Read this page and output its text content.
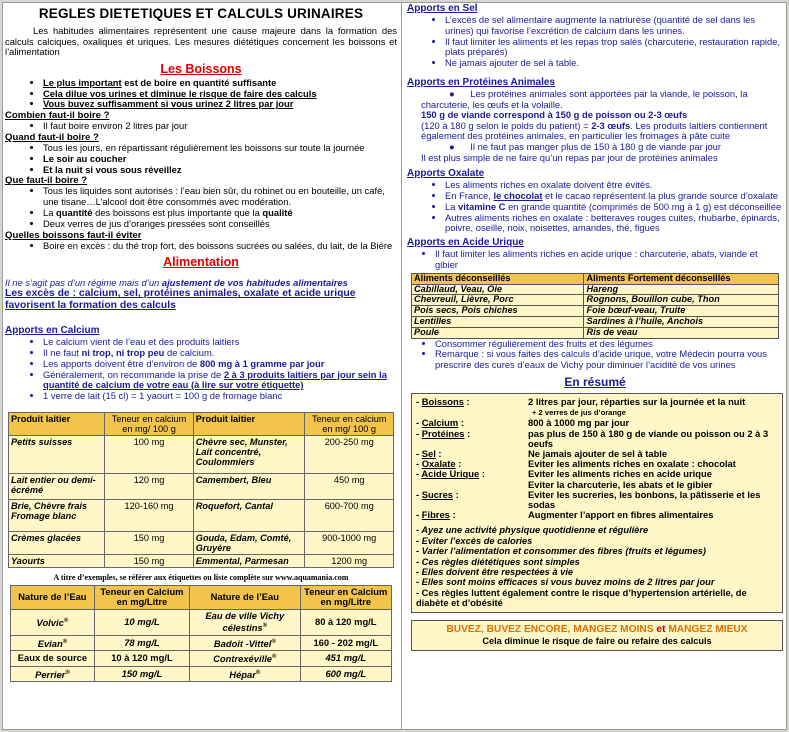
REGLES DIETETIQUES ET CALCULS URINAIRES

Les habitudes alimentaires représentent une cause majeure dans la formation des calculs calciques, oxaliques et uriques. Les mesures diététiques concernent les boissons et l’alimentation

Les Boissons
• Le plus important est de boire en quantité suffisante
• Cela dilue vos urines et diminue le risque de faire des calculs
• Vous buvez suffisamment si vous urinez 2 litres par jour
Combien faut-il boire ?
• Il faut boire environ 2 litres par jour
Quand faut-il boire ?
• Tous les jours, en répartissant régulièrement les boissons sur toute la journée
• Le soir au coucher
• Et la nuit si vous sous réveillez
Que faut-il boire ?
• Tous les liquides sont autorisés : l’eau bien sûr, du robinet ou en bouteille, un café, une tisane…L’alcool doit être consommés avec modération.
• La quantité des boissons est plus importante que la qualité
• Deux verres de jus d’oranges pressées sont conseillés
Quelles boissons faut-il éviter
• Boire en excès : du thé trop fort, des boissons sucrées ou salées, du lait, de la Bière
Alimentation

Il ne s’agit pas d’un régime mais d’un ajustement de vos habitudes alimentaires

Les excès de : calcium, sel, protéines animales, oxalate et acide urique favorisent la formation des calculs

Apports en Calcium
• Le calcium vient de l’eau et des produits laitiers
• Il ne faut ni trop, ni trop peu de calcium.
• Les apports doivent être d’environ de 800 mg à 1 gramme par jour
• Généralement, on recommande la prise de 2 à 3 produits laitiers par jour sein la quantité de calcium de votre eau (à lire sur votre étiquette)
• 1 verre de lait (15 cl) = 1 yaourt = 100 g de fromage blanc
Produit laitier	Teneur en calcium en mg/ 100 g	Produit laitier	Teneur en calcium en mg/ 100 g
Petits suisses	100 mg	Chèvre sec, Munster, Lait concentré, Coulommiers	200-250 mg
Lait entier ou demi-écrémé	120 mg	Camembert, Bleu	450 mg
Brie, Chèvre frais Fromage blanc	120-160 mg	Roquefort, Cantal	600-700 mg
Crèmes glacées	150 mg	Gouda, Edam, Comté, Gruyère	900-1000 mg
Yaourts	150 mg	Emmental, Parmesan	1200 mg
A titre d’exemples, se référer aux étiquettes ou liste complète sur www.aquamania.com
Nature de l’Eau	Teneur en Calcium en mg/Litre	Nature de l’Eau	Teneur en Calcium en mg/Litre
Volvic®	10 mg/L	Eau de ville Vichy célestins®	80 à 120 mg/L
Evian®	78 mg/L	Badoit -Vittel®	160 - 202 mg/L
Eaux de source	10 à 120 mg/L	Contrexéville®	451 mg/L
Perrier®	150 mg/L	Hépar®	600 mg/L
Apports en Sel
• L’excès de sel alimentaire augmente la natriurèse (quantité de sel dans les urines) qui favorise l’excrétion de calcium dans les urines.
• Il faut limiter les aliments et les repas trop salés (charcuterie, restauration rapide, plats préparés)
• Ne jamais ajouter de sel à table.
Apports en Protéines Animales

●      Les protéines animales sont apportées par la viande, le poisson, la charcuterie, les œufs et la volaille.

150 g de viande correspond à 150 g de poisson ou 2-3 œufs

(120 à 180 g selon le poids du patient) = 2-3 œufs. Les produits laitiers contiennent également des protéines animales, en particulier les fromages à pâte cuite

●      Il ne faut pas manger plus de 150 à 180 g de viande par jour

Il est plus simple de ne faire qu’un repas par jour de protéines animales

Apports Oxalate
• Les aliments riches en oxalate doivent être évités.
• En France, le chocolat et le cacao représentent la plus grande source d’oxalate
• La vitamine C en grande quantité (comprimés de 500 mg à 1 g) est déconseillée
• Autres aliments riches en oxalate : betteraves rouges cuites, rhubarbe, épinards, poivre, oseille, noix, noisettes, amandes, thé, figues
Apports en Acide Urique
• Il faut limiter les aliments riches en acide urique : charcuterie, abats, viande et gibier
Aliments déconseillés	Aliments Fortement déconseillés
Cabillaud, Veau, Oie	Hareng
Chevreuil, Lièvre, Porc	Rognons, Bouillon cube, Thon
Pois secs, Pois chiches	Foie bœuf-veau, Truite
Lentilles	Sardines à l’huile, Anchois
Poule	Ris de veau
• Consommer régulièrement des fruits et des légumes
• Remarque : si vous faites des calculs d’acide urique, votre Médecin pourra vous prescrire des cures d’eaux de Vichy pour diminuer l’acidité de vos urines
En résumé
- Boissons :	2 litres par jour, réparties sur la journée et la nuit
+ 2 verres de jus d’orange
- Calcium :	800 à 1000 mg par jour
- Protéines :	pas plus de 150 à 180 g de viande ou poisson ou 2 à 3 oeufs
- Sel :	Ne jamais ajouter de sel à table
- Oxalate :	Eviter les aliments riches en oxalate : chocolat
- Acide Urique :	Eviter les aliments riches en acide urique
Eviter la charcuterie, les abats et le gibier
- Sucres :	Eviter les sucreries, les bonbons, la pâtisserie et les sodas
- Fibres :	Augmenter l’apport en fibres alimentaires

- Ayez une activité physique quotidienne et régulière

- Eviter l’excès de calories

- Varier l’alimentation et consommer des fibres (fruits et légumes)

- Ces règles diététiques sont simples

- Elles doivent être respectées à vie

- Elles sont moins efficaces si vous buvez moins de 2 litres par jour

- Ces règles luttent également contre le risque d’hypertension artérielle, de diabète et d’obésité

BUVEZ, BUVEZ ENCORE, MANGEZ MOINS et MANGEZ MIEUX
Cela diminue le risque de faire ou refaire des calculs
